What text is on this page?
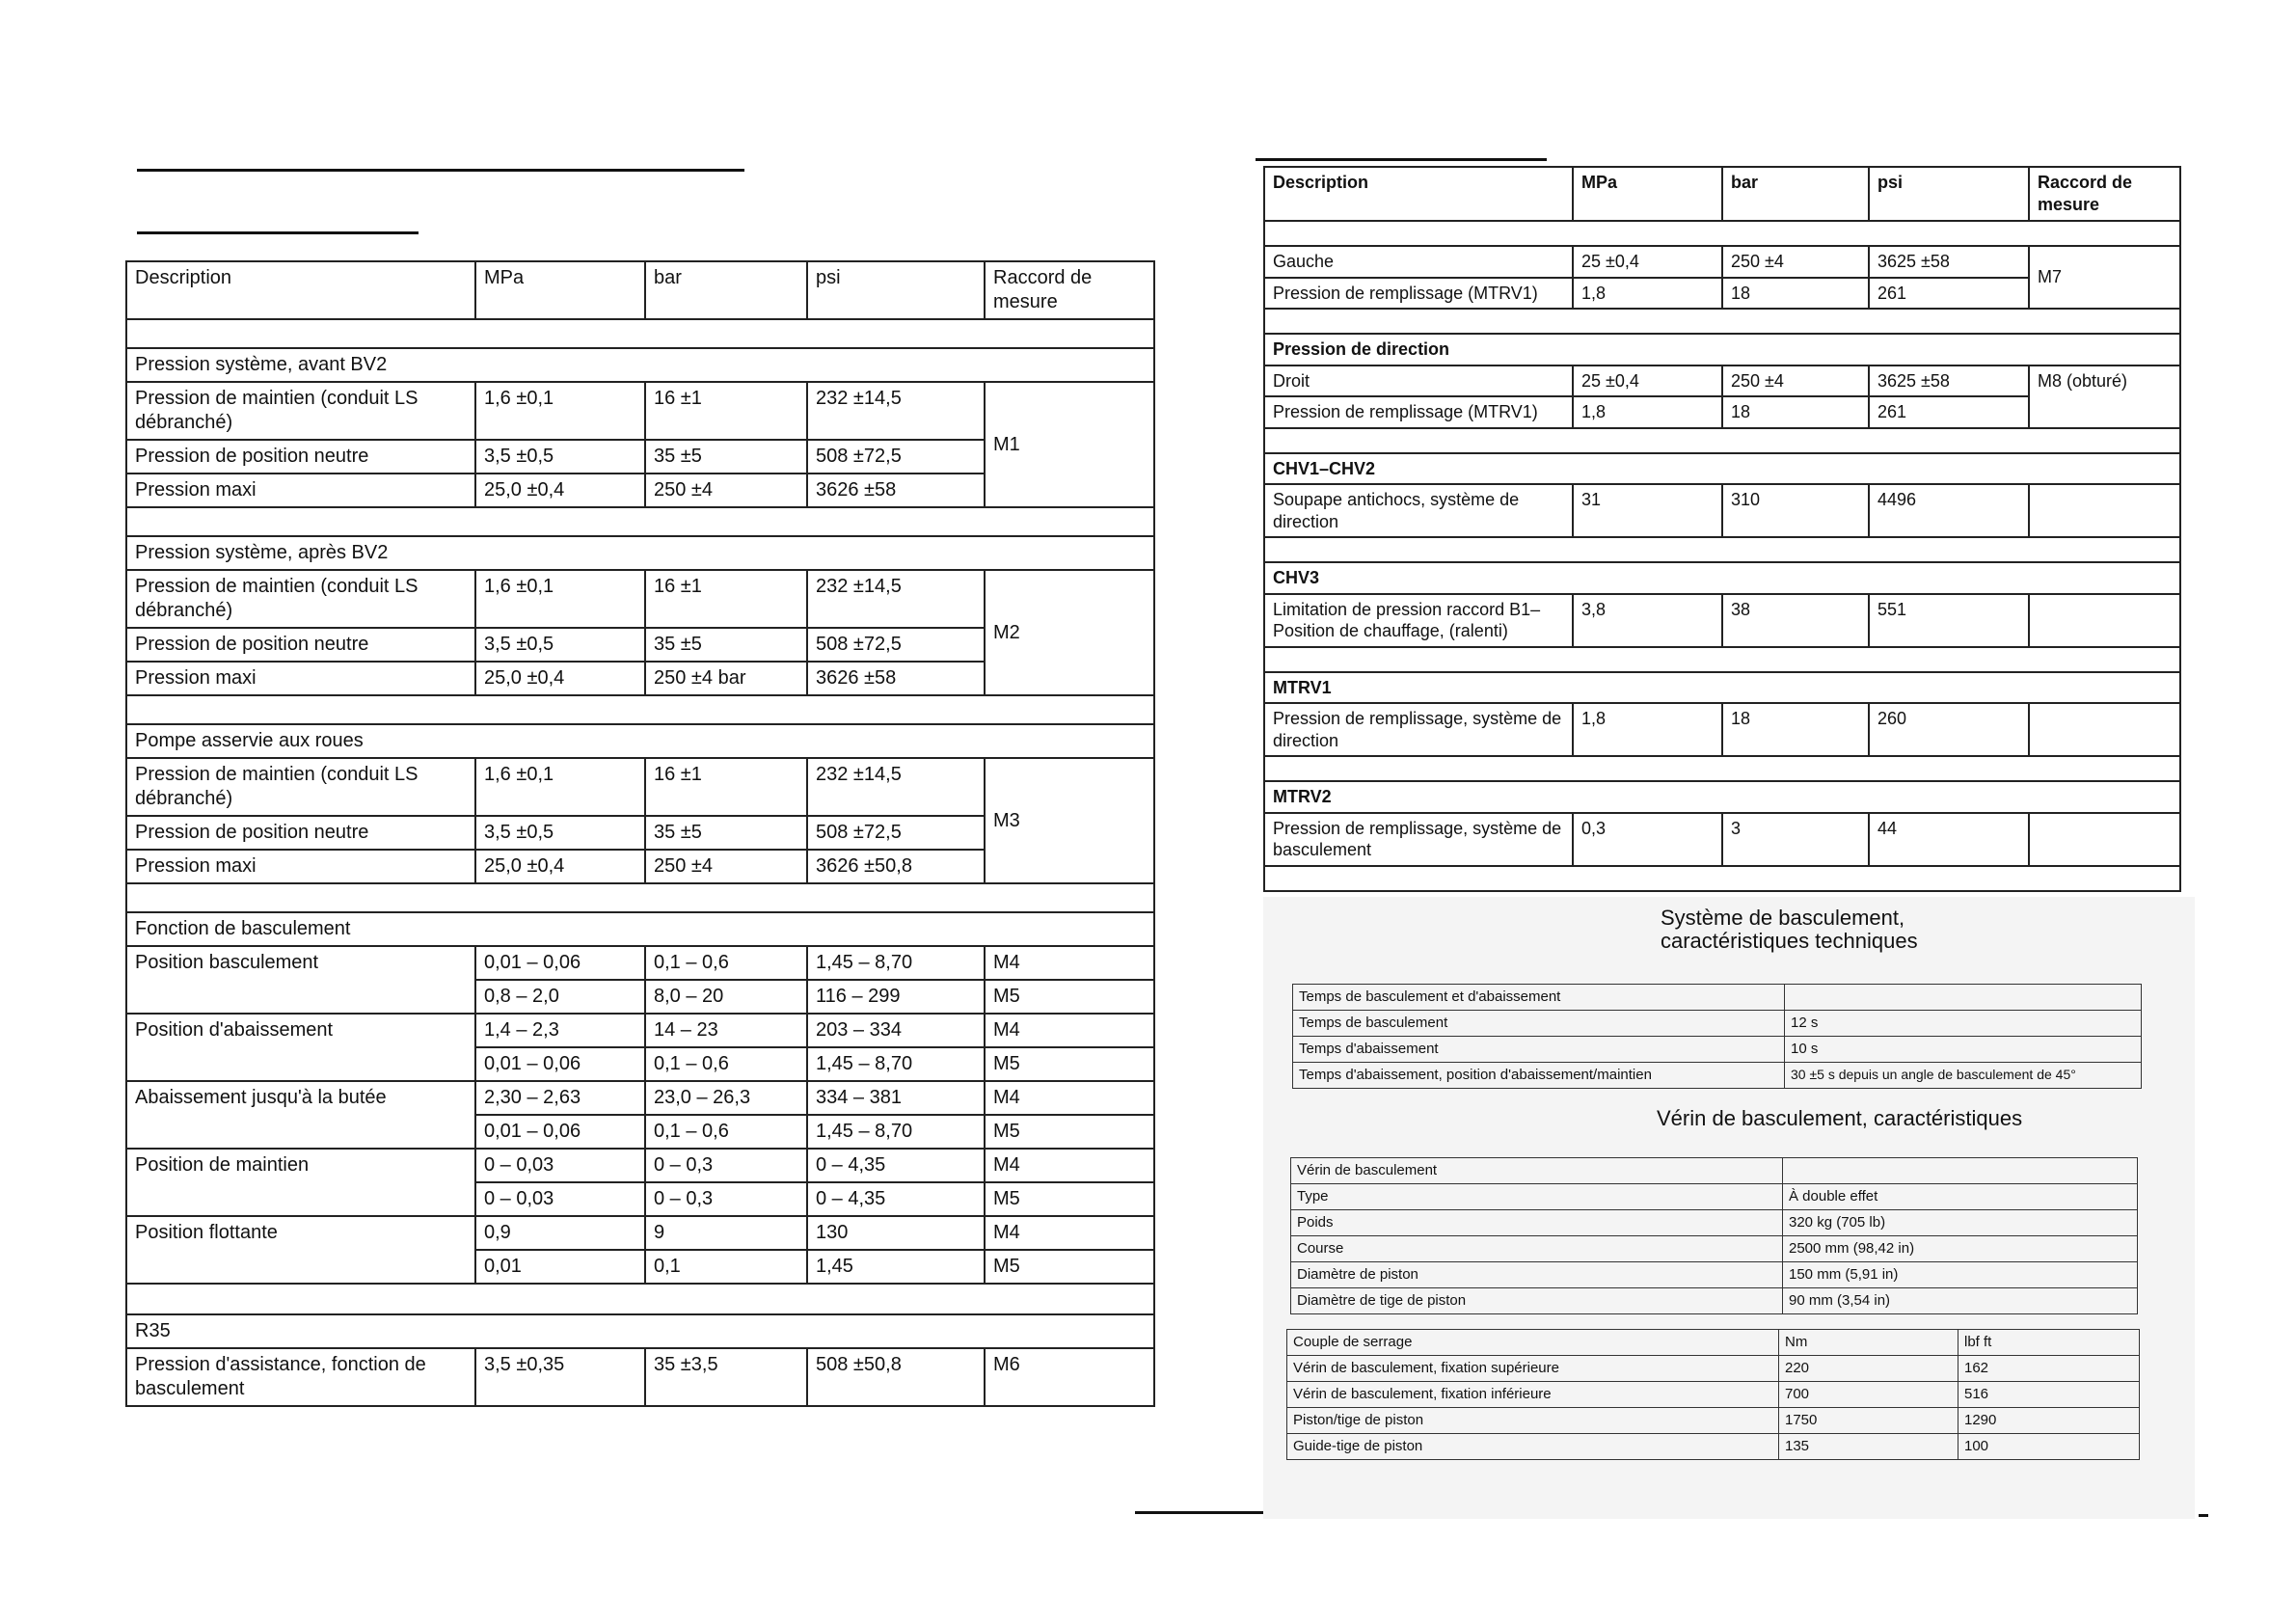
Description	MPa	bar	psi	Raccord de mesure

Pression système, avant BV2				
Pression de maintien (conduit LS débranché)	1,6 ±0,1	16 ±1	232 ±14,5	M1
Pression de position neutre	3,5 ±0,5	35 ±5	508 ±72,5	
Pression maxi	25,0 ±0,4	250 ±4	3626 ±58	

Pression système, après BV2				
Pression de maintien (conduit LS débranché)	1,6 ±0,1	16 ±1	232 ±14,5	M2
Pression de position neutre	3,5 ±0,5	35 ±5	508 ±72,5	
Pression maxi	25,0 ±0,4	250 ±4 bar	3626 ±58	

Pompe asservie aux roues				
Pression de maintien (conduit LS débranché)	1,6 ±0,1	16 ±1	232 ±14,5	M3
Pression de position neutre	3,5 ±0,5	35 ±5	508 ±72,5	
Pression maxi	25,0 ±0,4	250 ±4	3626 ±50,8	

Fonction de basculement				
Position basculement	0,01 – 0,06	0,1 – 0,6	1,45 – 8,70	M4
	0,8 – 2,0	8,0 – 20	116 – 299	M5
Position d'abaissement	1,4 – 2,3	14 – 23	203 – 334	M4
	0,01 – 0,06	0,1 – 0,6	1,45 – 8,70	M5
Abaissement jusqu'à la butée	2,30 – 2,63	23,0 – 26,3	334 – 381	M4
	0,01 – 0,06	0,1 – 0,6	1,45 – 8,70	M5
Position de maintien	0 – 0,03	0 – 0,3	0 – 4,35	M4
	0 – 0,03	0 – 0,3	0 – 4,35	M5
Position flottante	0,9	9	130	M4
	0,01	0,1	1,45	M5

R35				
Pression d'assistance, fonction de basculement	3,5 ±0,35	35 ±3,5	508 ±50,8	M6
Description	MPa	bar	psi	Raccord de mesure

Gauche	25 ±0,4	250 ±4	3625 ±58	M7
Pression de remplissage (MTRV1)	1,8	18	261	

Pression de direction				
Droit	25 ±0,4	250 ±4	3625 ±58	M8 (obturé)
Pression de remplissage (MTRV1)	1,8	18	261	

CHV1–CHV2				
Soupape antichocs, système de direction	31	310	4496	

CHV3				
Limitation de pression raccord B1– Position de chauffage, (ralenti)	3,8	38	551	

MTRV1				
Pression de remplissage, système de direction	1,8	18	260	

MTRV2				
Pression de remplissage, système de basculement	0,3	3	44	

Système de basculement, caractéristiques techniques
Temps de basculement et d'abaissement	
Temps de basculement	12 s
Temps d'abaissement	10 s
Temps d'abaissement, position d'abaissement/maintien	30 ±5 s depuis un angle de basculement de 45°
Vérin de basculement, caractéristiques
Vérin de basculement	
Type	À double effet
Poids	320 kg (705 lb)
Course	2500 mm (98,42 in)
Diamètre de piston	150 mm (5,91 in)
Diamètre de tige de piston	90 mm (3,54 in)
Couple de serrage	Nm	lbf ft
Vérin de basculement, fixation supérieure	220	162
Vérin de basculement, fixation inférieure	700	516
Piston/tige de piston	1750	1290
Guide-tige de piston	135	100
